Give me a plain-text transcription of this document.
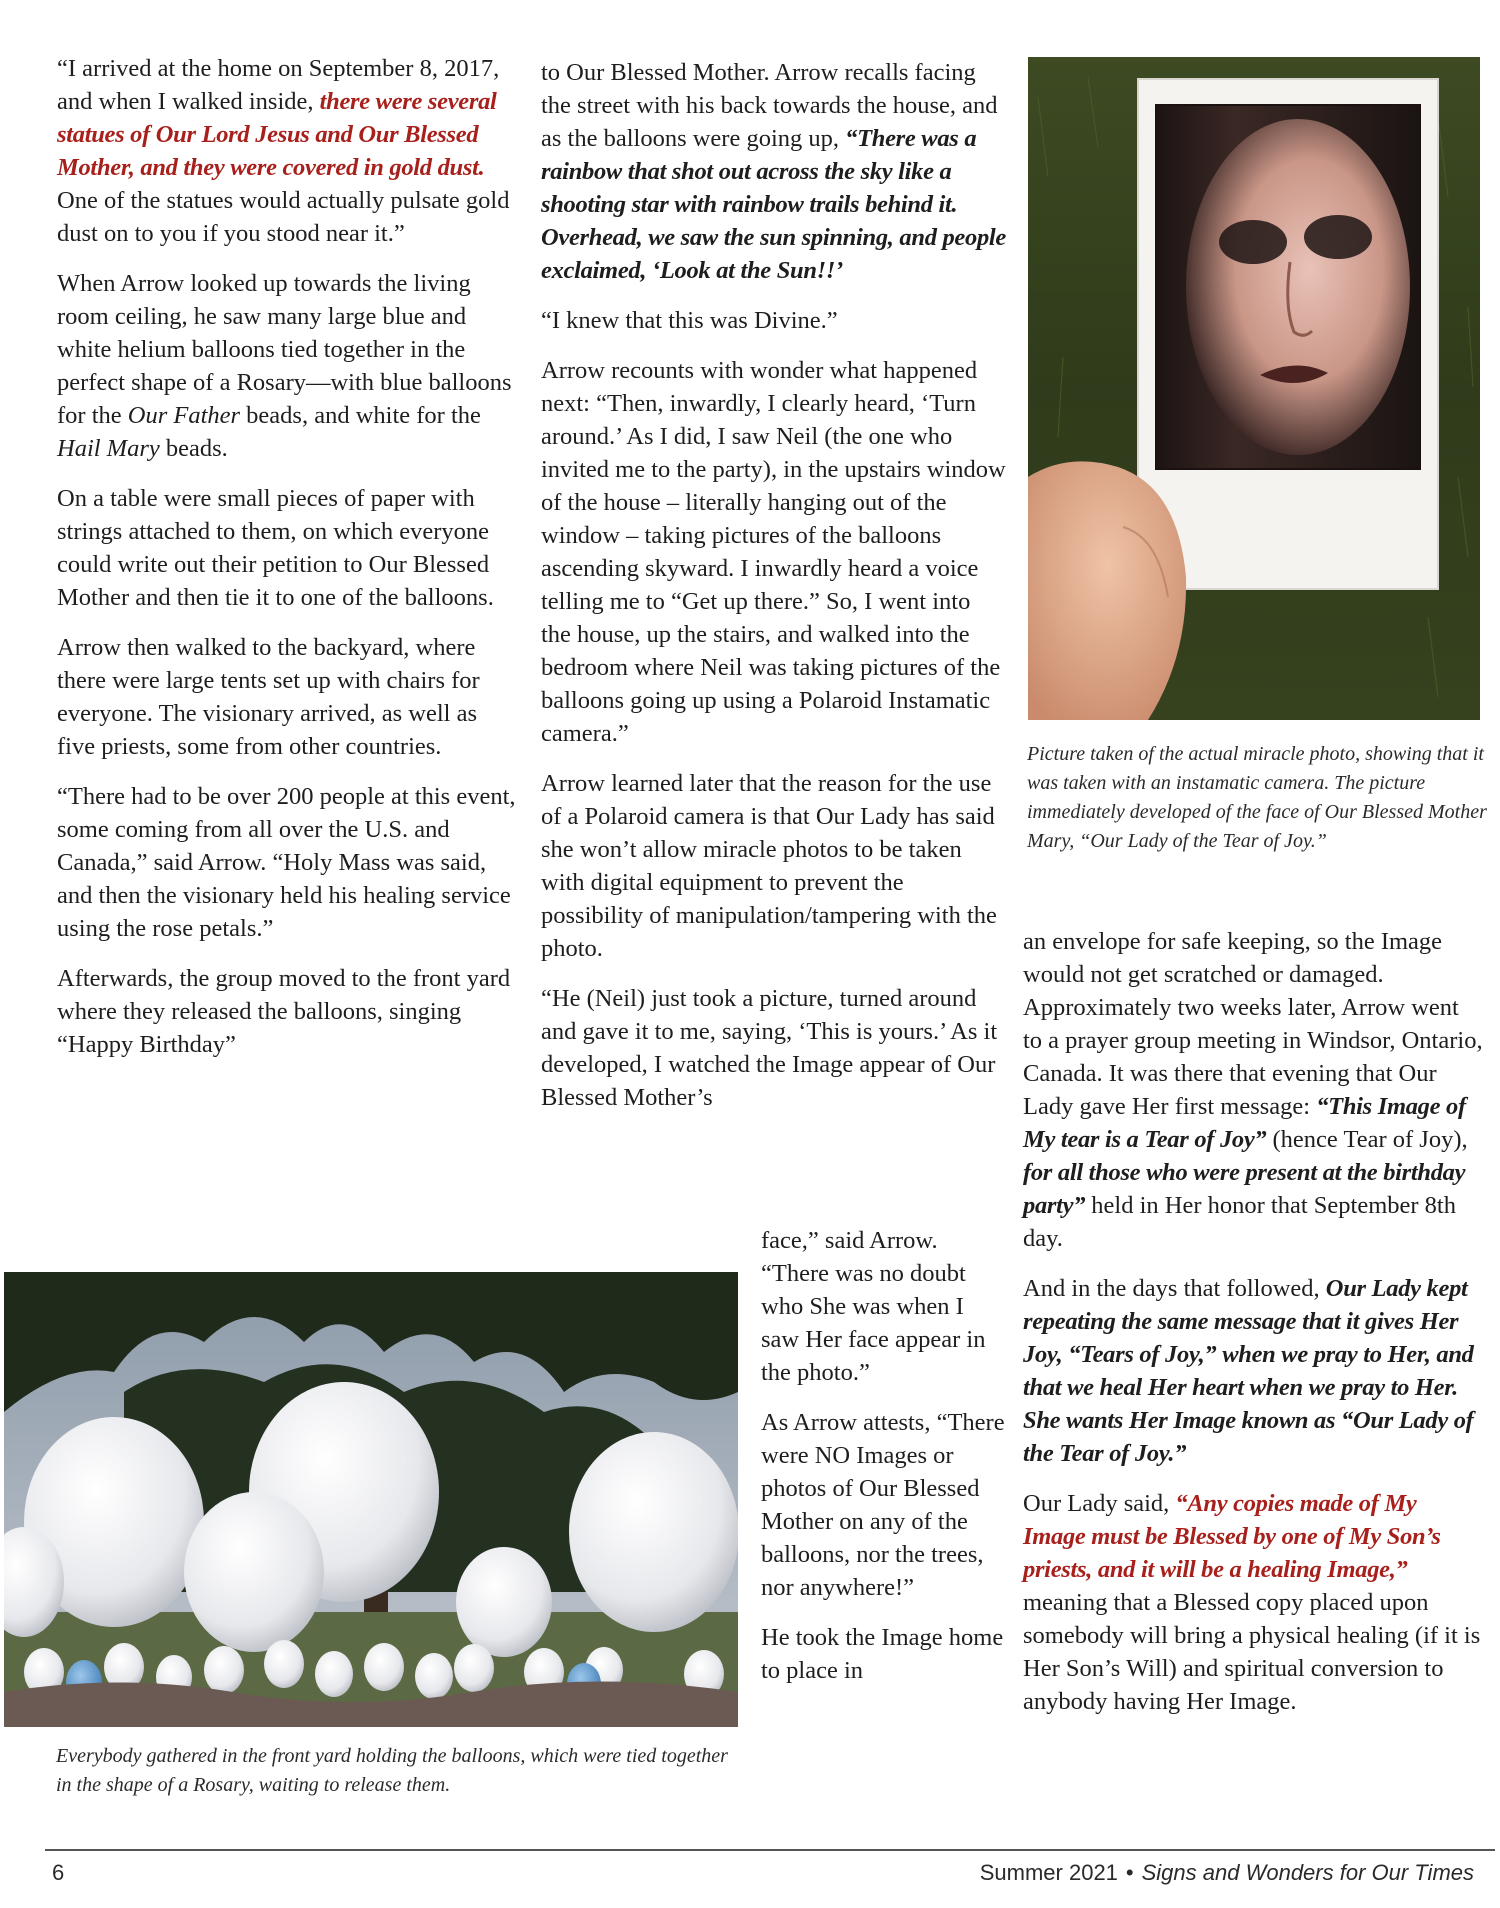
“I arrived at the home on September 8, 2017, and when I walked inside, there were several statues of Our Lord Jesus and Our Blessed Mother, and they were covered in gold dust. One of the statues would actually pulsate gold dust on to you if you stood near it.”

When Arrow looked up towards the living room ceiling, he saw many large blue and white helium balloons tied together in the perfect shape of a Rosary—with blue balloons for the Our Father beads, and white for the Hail Mary beads.

On a table were small pieces of paper with strings attached to them, on which everyone could write out their petition to Our Blessed Mother and then tie it to one of the balloons.

Arrow then walked to the backyard, where there were large tents set up with chairs for everyone. The visionary arrived, as well as five priests, some from other countries.

“There had to be over 200 people at this event, some coming from all over the U.S. and Canada,” said Arrow. “Holy Mass was said, and then the visionary held his healing service using the rose petals.”

Afterwards, the group moved to the front yard where they released the balloons, singing “Happy Birthday”

to Our Blessed Mother. Arrow recalls facing the street with his back towards the house, and as the balloons were going up, “There was a rainbow that shot out across the sky like a shooting star with rainbow trails behind it. Overhead, we saw the sun spinning, and people exclaimed, ‘Look at the Sun!!’

“I knew that this was Divine.”

Arrow recounts with wonder what happened next: “Then, inwardly, I clearly heard, ‘Turn around.’ As I did, I saw Neil (the one who invited me to the party), in the upstairs window of the house – literally hanging out of the window – taking pictures of the balloons ascending skyward. I inwardly heard a voice telling me to “Get up there.” So, I went into the house, up the stairs, and walked into the bedroom where Neil was taking pictures of the balloons going up using a Polaroid Instamatic camera.”

Arrow learned later that the reason for the use of a Polaroid camera is that Our Lady has said she won’t allow miracle photos to be taken with digital equipment to prevent the possibility of manipulation/tampering with the photo.

“He (Neil) just took a picture, turned around and gave it to me, saying, ‘This is yours.’ As it developed, I watched the Image appear of Our Blessed Mother’s

face,” said Arrow. “There was no doubt who She was when I saw Her face appear in the photo.”

As Arrow attests, “There were NO Images or photos of Our Blessed Mother on any of the balloons, nor the trees, nor anywhere!”

He took the Image home to place in

an envelope for safe keeping, so the Image would not get scratched or damaged. Approximately two weeks later, Arrow went to a prayer group meeting in Windsor, Ontario, Canada. It was there that evening that Our Lady gave Her first message: “This Image of My tear is a Tear of Joy” (hence Tear of Joy), for all those who were present at the birthday party” held in Her honor that September 8th day.

And in the days that followed, Our Lady kept repeating the same message that it gives Her Joy, “Tears of Joy,” when we pray to Her, and that we heal Her heart when we pray to Her. She wants Her Image known as “Our Lady of the Tear of Joy.”

Our Lady said, “Any copies made of My Image must be Blessed by one of My Son’s priests, and it will be a healing Image,” meaning that a Blessed copy placed upon somebody will bring a physical healing (if it is Her Son’s Will) and spiritual conversion to anybody having Her Image.

Picture taken of the actual miracle photo, showing that it was taken with an instamatic camera. The picture immediately developed of the face of Our Blessed Mother Mary, “Our Lady of the Tear of Joy.”
Everybody gathered in the front yard holding the balloons, which were tied together in the shape of a Rosary, waiting to release them.
6	Summer 2021 • Signs and Wonders for Our Times
